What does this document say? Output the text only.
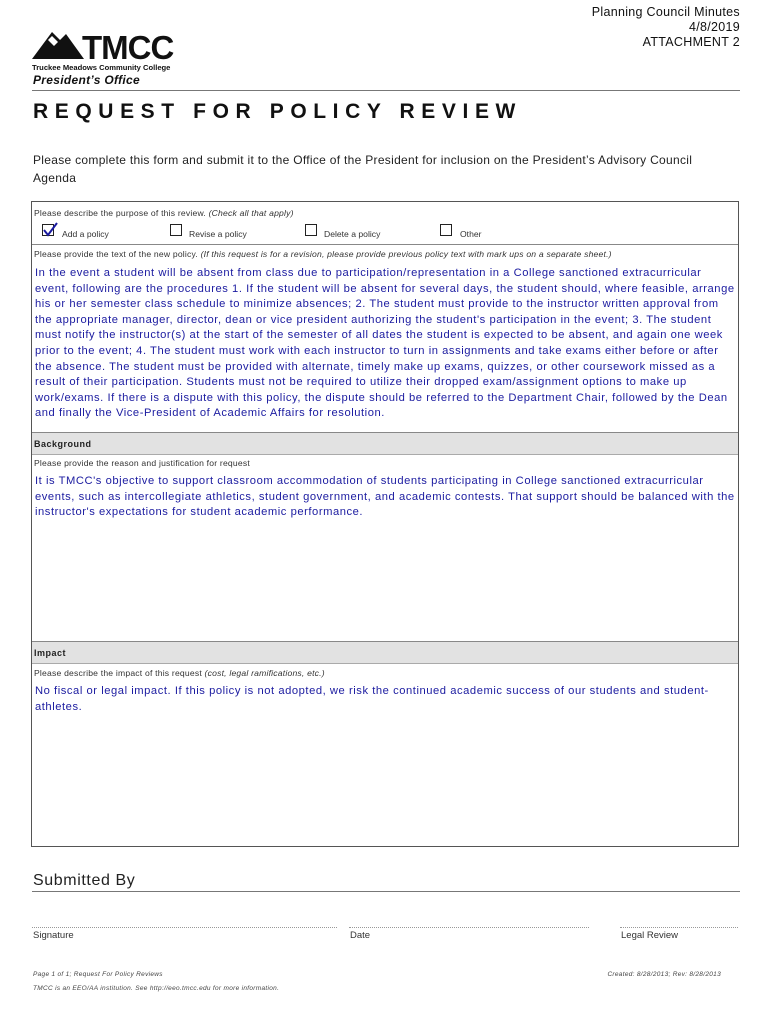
Planning Council Minutes
4/8/2019
ATTACHMENT 2
TMCC
Truckee Meadows Community College
President’s Office
REQUEST FOR POLICY REVIEW
Please complete this form and submit it to the Office of the President for inclusion on the President’s Advisory Council Agenda
Please describe the purpose of this review. (Check all that apply)
Add a policy	Revise a policy	Delete a policy	Other
Please provide the text of the new policy. (If this request is for a revision, please provide previous policy text with mark ups on a separate sheet.)
In the event a student will be absent from class due to participation/representation in a College sanctioned extracurricular event, following are the procedures 1. If the student will be absent for several days, the student should, where feasible, arrange his or her semester class schedule to minimize absences; 2. The student must provide to the instructor written approval from the appropriate manager, director, dean or vice president authorizing the student's participation in the event; 3. The student must notify the instructor(s) at the start of the semester of all dates the student is expected to be absent, and again one week prior to the event; 4. The student must work with each instructor to turn in assignments and take exams either before or after the absence. The student must be provided with alternate, timely make up exams, quizzes, or other coursework missed as a result of their participation. Students must not be required to utilize their dropped exam/assignment options to make up work/exams. If there is a dispute with this policy, the dispute should be referred to the Department Chair, followed by the Dean and finally the Vice-President of Academic Affairs for resolution.
Background
Please provide the reason and justification for request
It is TMCC's objective to support classroom accommodation of students participating in College sanctioned extracurricular events, such as intercollegiate athletics, student government, and academic contests. That support should be balanced with the instructor's expectations for student academic performance.
Impact
Please describe the impact of this request (cost, legal ramifications, etc.)
No fiscal or legal impact. If this policy is not adopted, we risk the continued academic success of our students and student-athletes.
Submitted By
Signature	Date	Legal Review
Page 1 of 1; Request For Policy Reviews
TMCC is an EEO/AA institution. See http://eeo.tmcc.edu for more information.
Created: 8/28/2013; Rev: 8/28/2013
